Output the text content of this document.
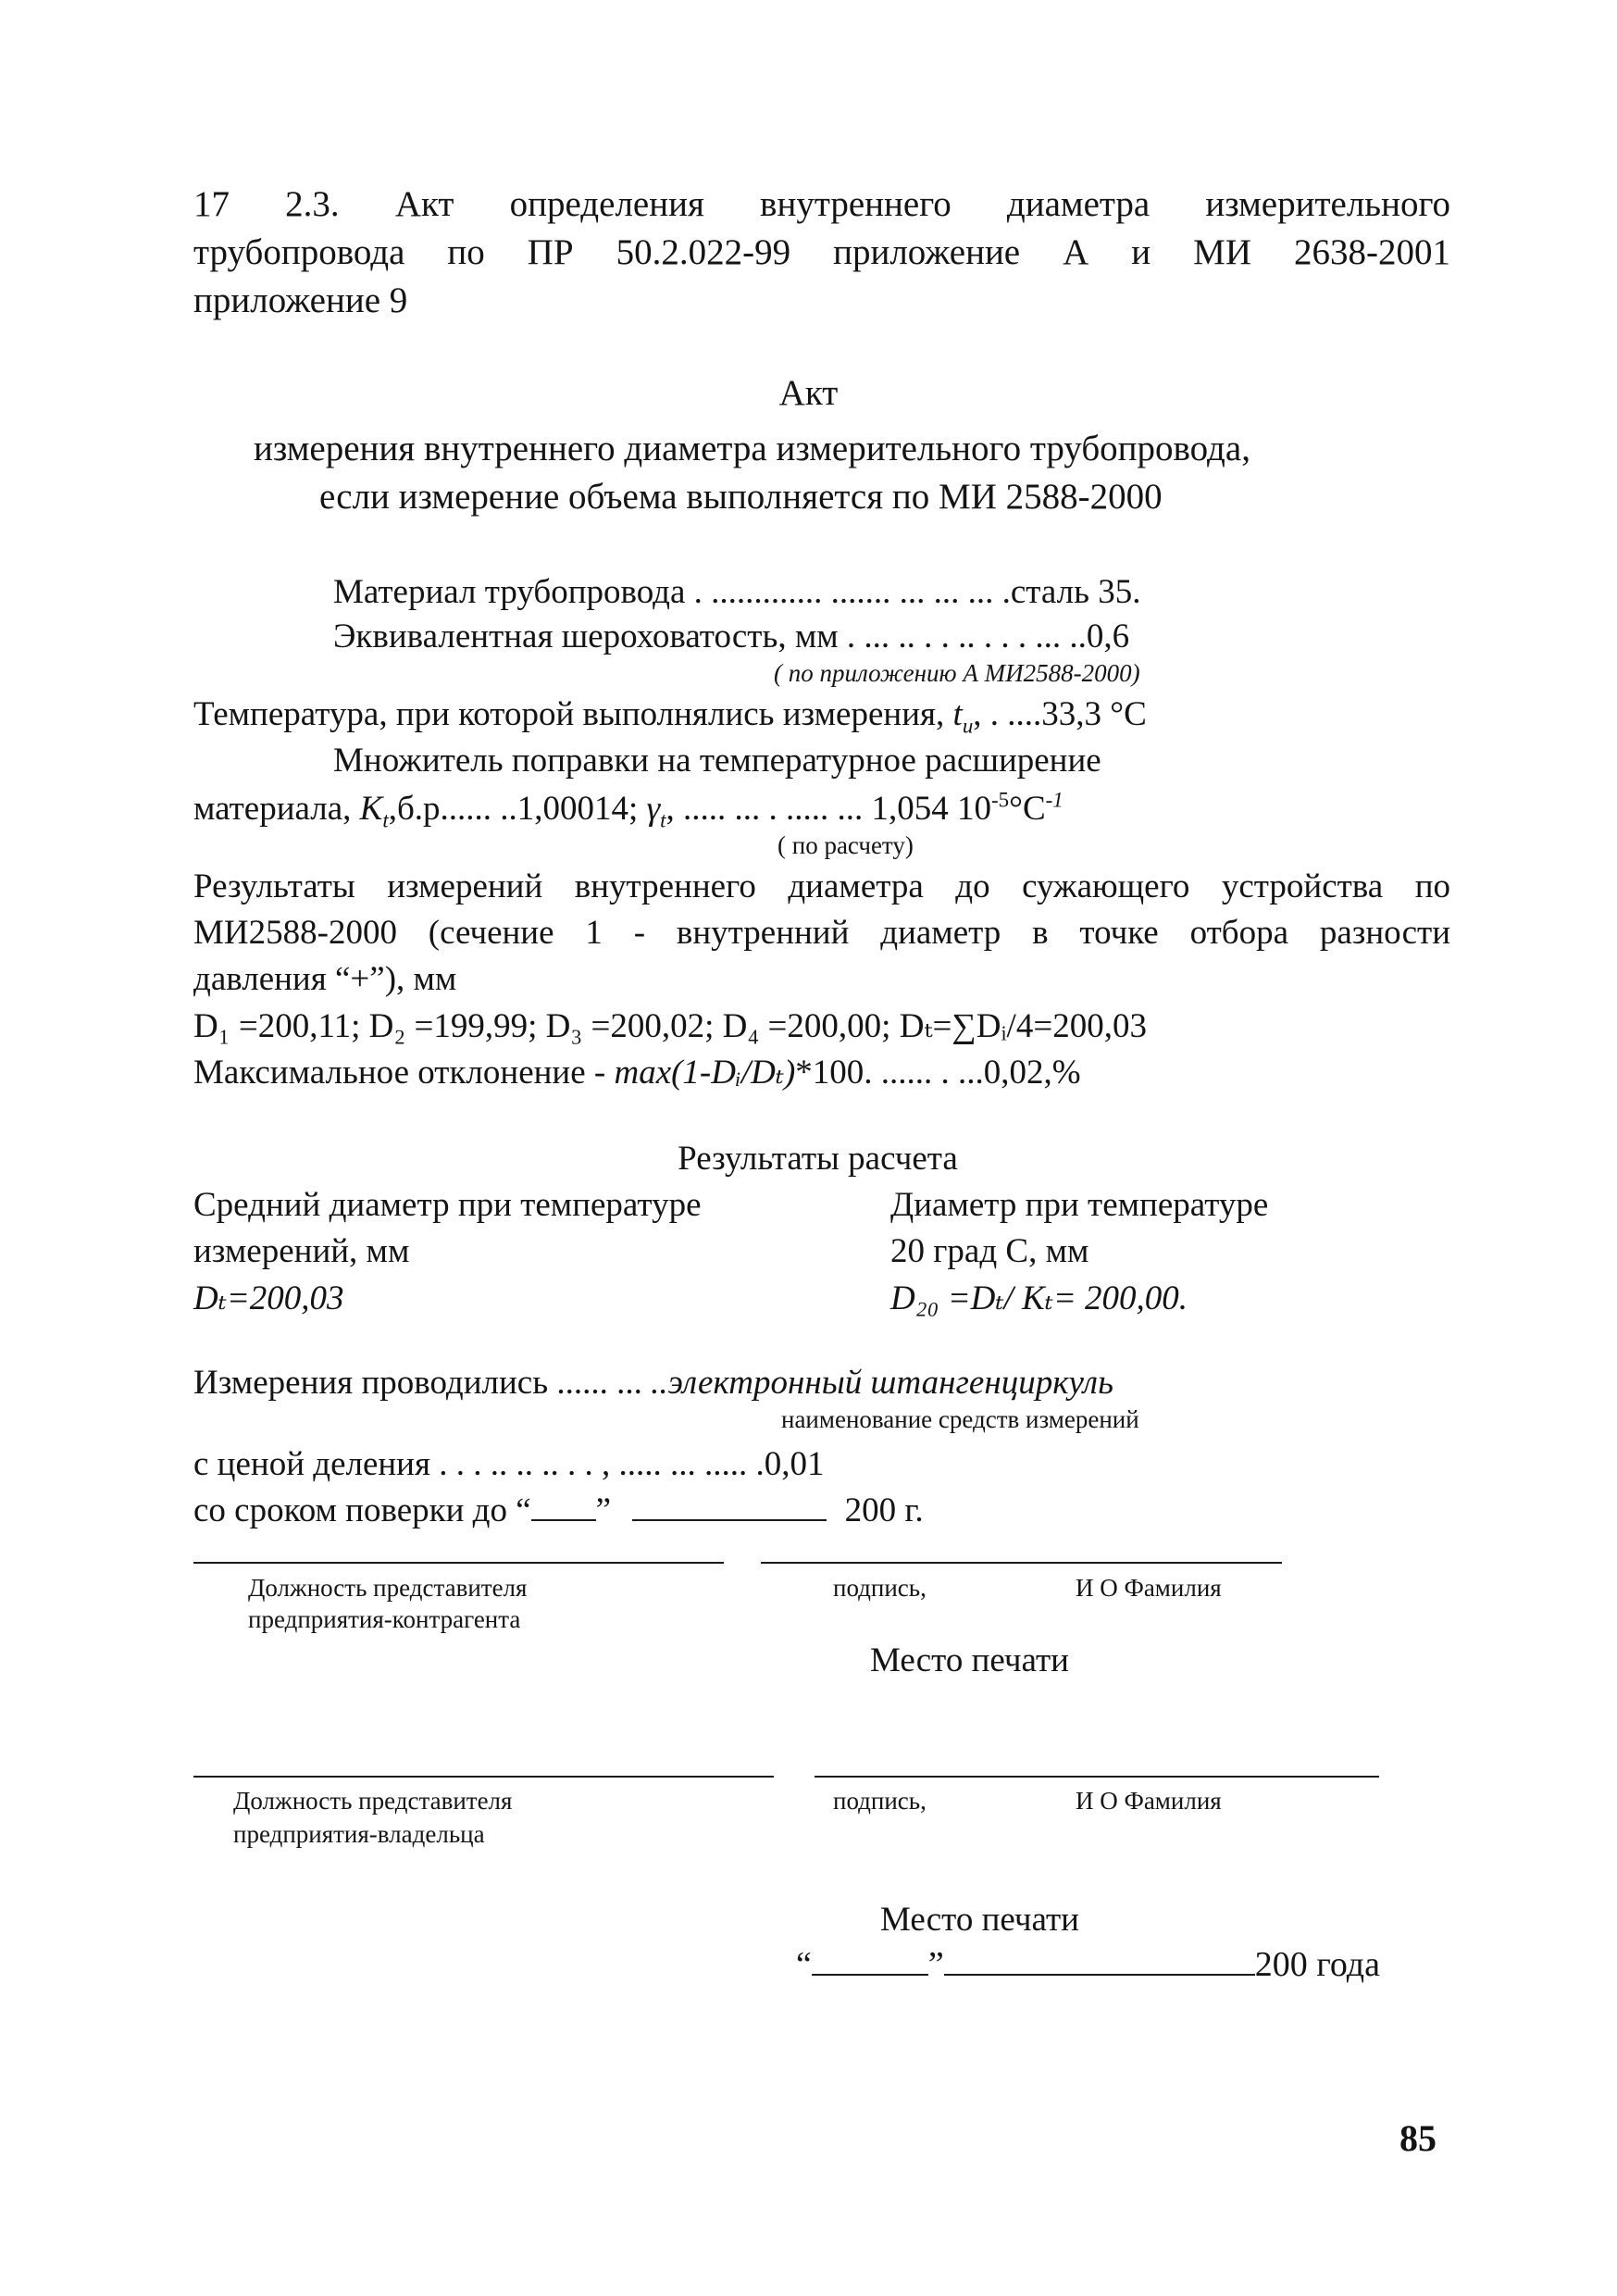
17 2.3. Акт определения внутреннего диаметра измерительного
трубопровода по ПР 50.2.022-99 приложение А и МИ 2638-2001
приложение 9
Акт
измерения внутреннего диаметра измерительного трубопровода,
если измерение объема выполняется по МИ 2588-2000
Материал трубопровода . ............. ....... ... ... ... .сталь 35.
Эквивалентная шероховатость, мм . ... .. . . .. . . . ... ..0,6
( по приложению А МИ2588-2000)
Температура, при которой выполнялись измерения, $t_и$, . ....33,3 °С
Множитель поправки на температурное расширение
материала, $K_t,б.р$...... ..1,00014; $\gamma_t$, ..... ... . ..... ... 1,054 $10^{-5}^\circ С^{-1}$
( по расчету)
Результаты измерений внутреннего диаметра до сужающего устройства по
МИ2588-2000 (сечение 1 - внутренний диаметр в точке отбора разности
давления “+”), мм
D₁ =200,11; D₂ =199,99; D₃ =200,02; D₄ =200,00; Dₜ=∑Dᵢ/4=200,03
Максимальное отклонение - max(1-Dᵢ/Dₜ)*100. ...... . ...0,02,%
Результаты расчета
Средний диаметр при температуре
измерений, мм
Dₜ=200,03
Диаметр при температуре
20 град С, мм
D₂₀ =Dₜ/ Kₜ= 200,00.
Измерения проводились ...... ... ..электронный штангенциркуль
наименование средств измерений
с ценой деления . . . .. .. .. . . , ..... ... ..... .0,01
со сроком поверки до “ ”	200 г.
Должность представителя
предприятия-контрагента
подпись,	И О Фамилия
Место печати
Должность представителя
предприятия-владельца
подпись,	И О Фамилия
Место печати
“	”	200 года
85
